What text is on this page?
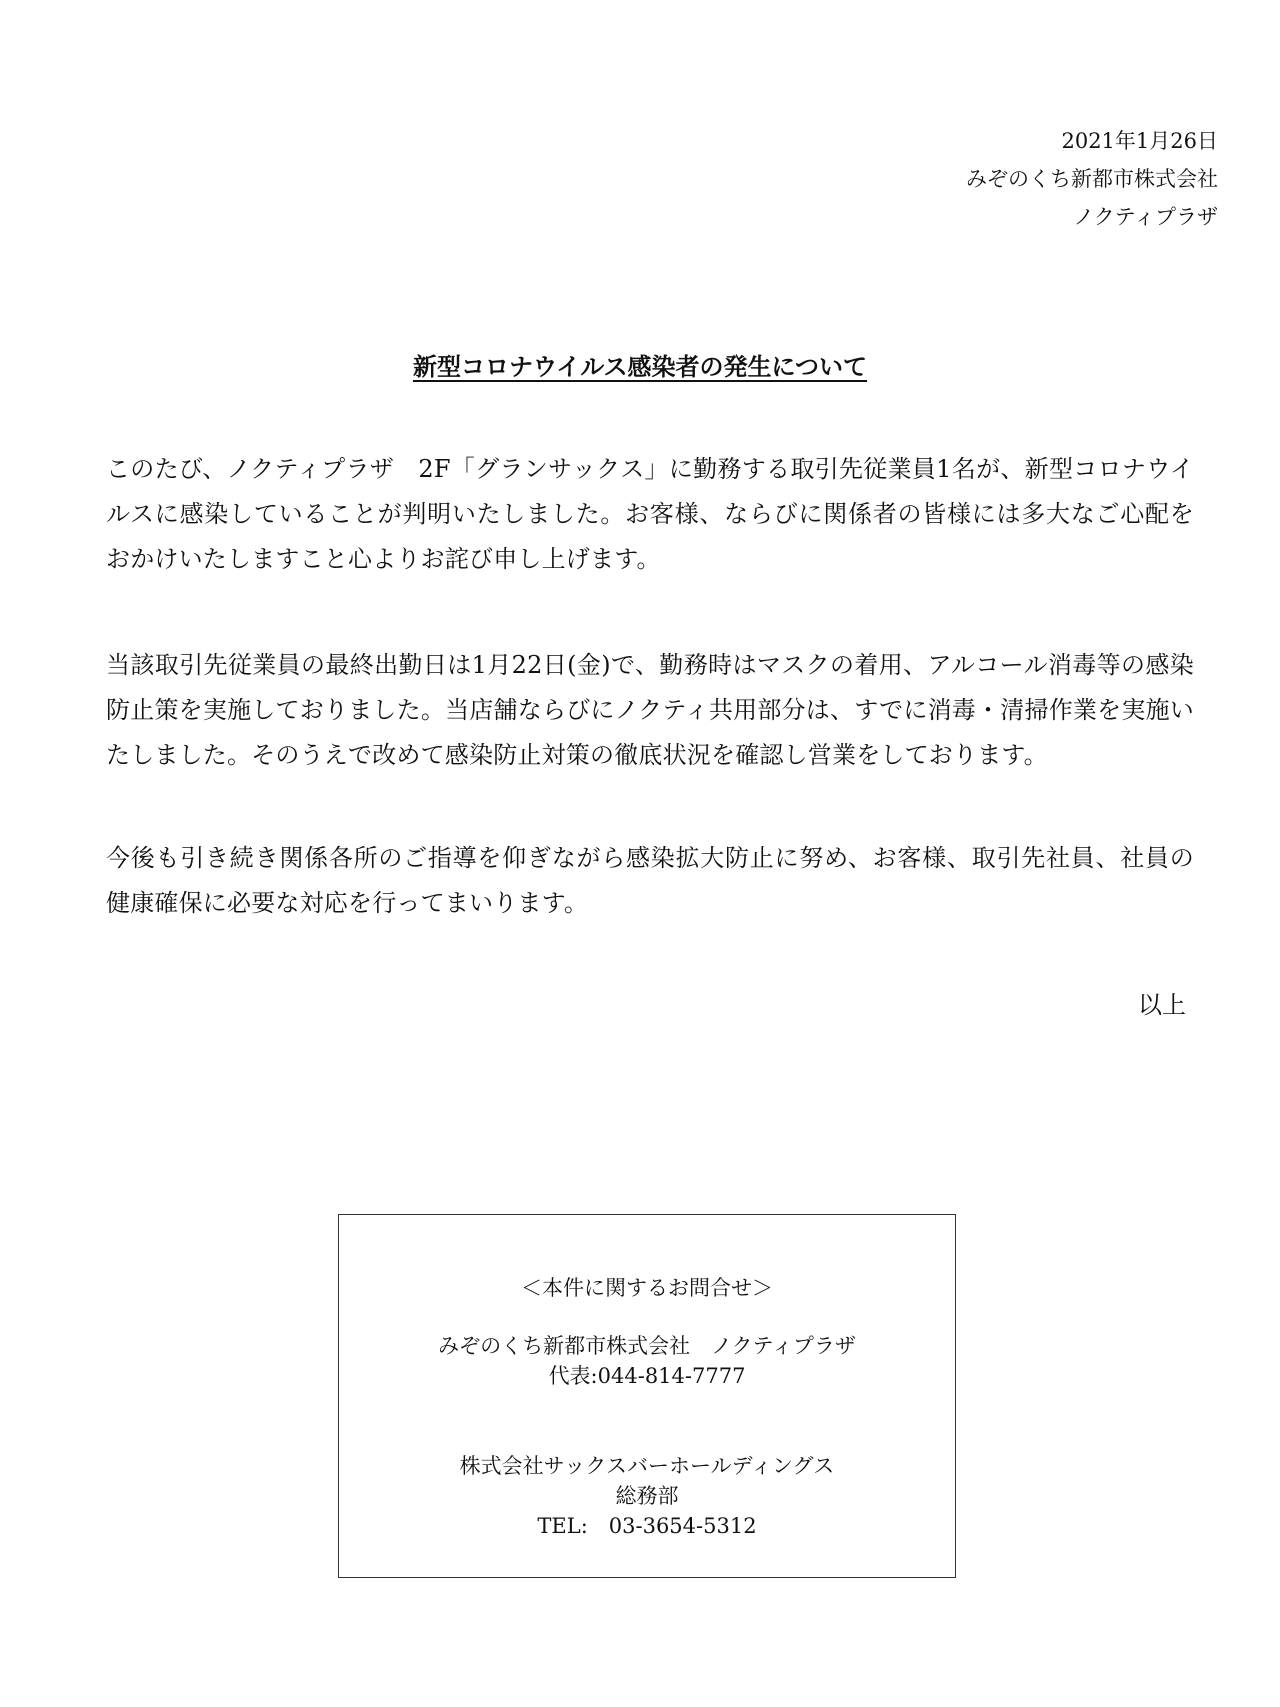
2021年1月26日
みぞのくち新都市株式会社
ノクティプラザ
新型コロナウイルス感染者の発生について
このたび、ノクティプラザ　2F「グランサックス」に勤務する取引先従業員1名が、新型コロナウイルスに感染していることが判明いたしました。お客様、ならびに関係者の皆様には多大なご心配をおかけいたしますこと心よりお詫び申し上げます。
当該取引先従業員の最終出勤日は1月22日(金)で、勤務時はマスクの着用、アルコール消毒等の感染防止策を実施しておりました。当店舗ならびにノクティ共用部分は、すでに消毒・清掃作業を実施いたしました。そのうえで改めて感染防止対策の徹底状況を確認し営業をしております。
今後も引き続き関係各所のご指導を仰ぎながら感染拡大防止に努め、お客様、取引先社員、社員の健康確保に必要な対応を行ってまいります。
以上
＜本件に関するお問合せ＞
みぞのくち新都市株式会社　ノクティプラザ
代表:044-814-7777
株式会社サックスバーホールディングス
総務部
TEL:　03-3654-5312
